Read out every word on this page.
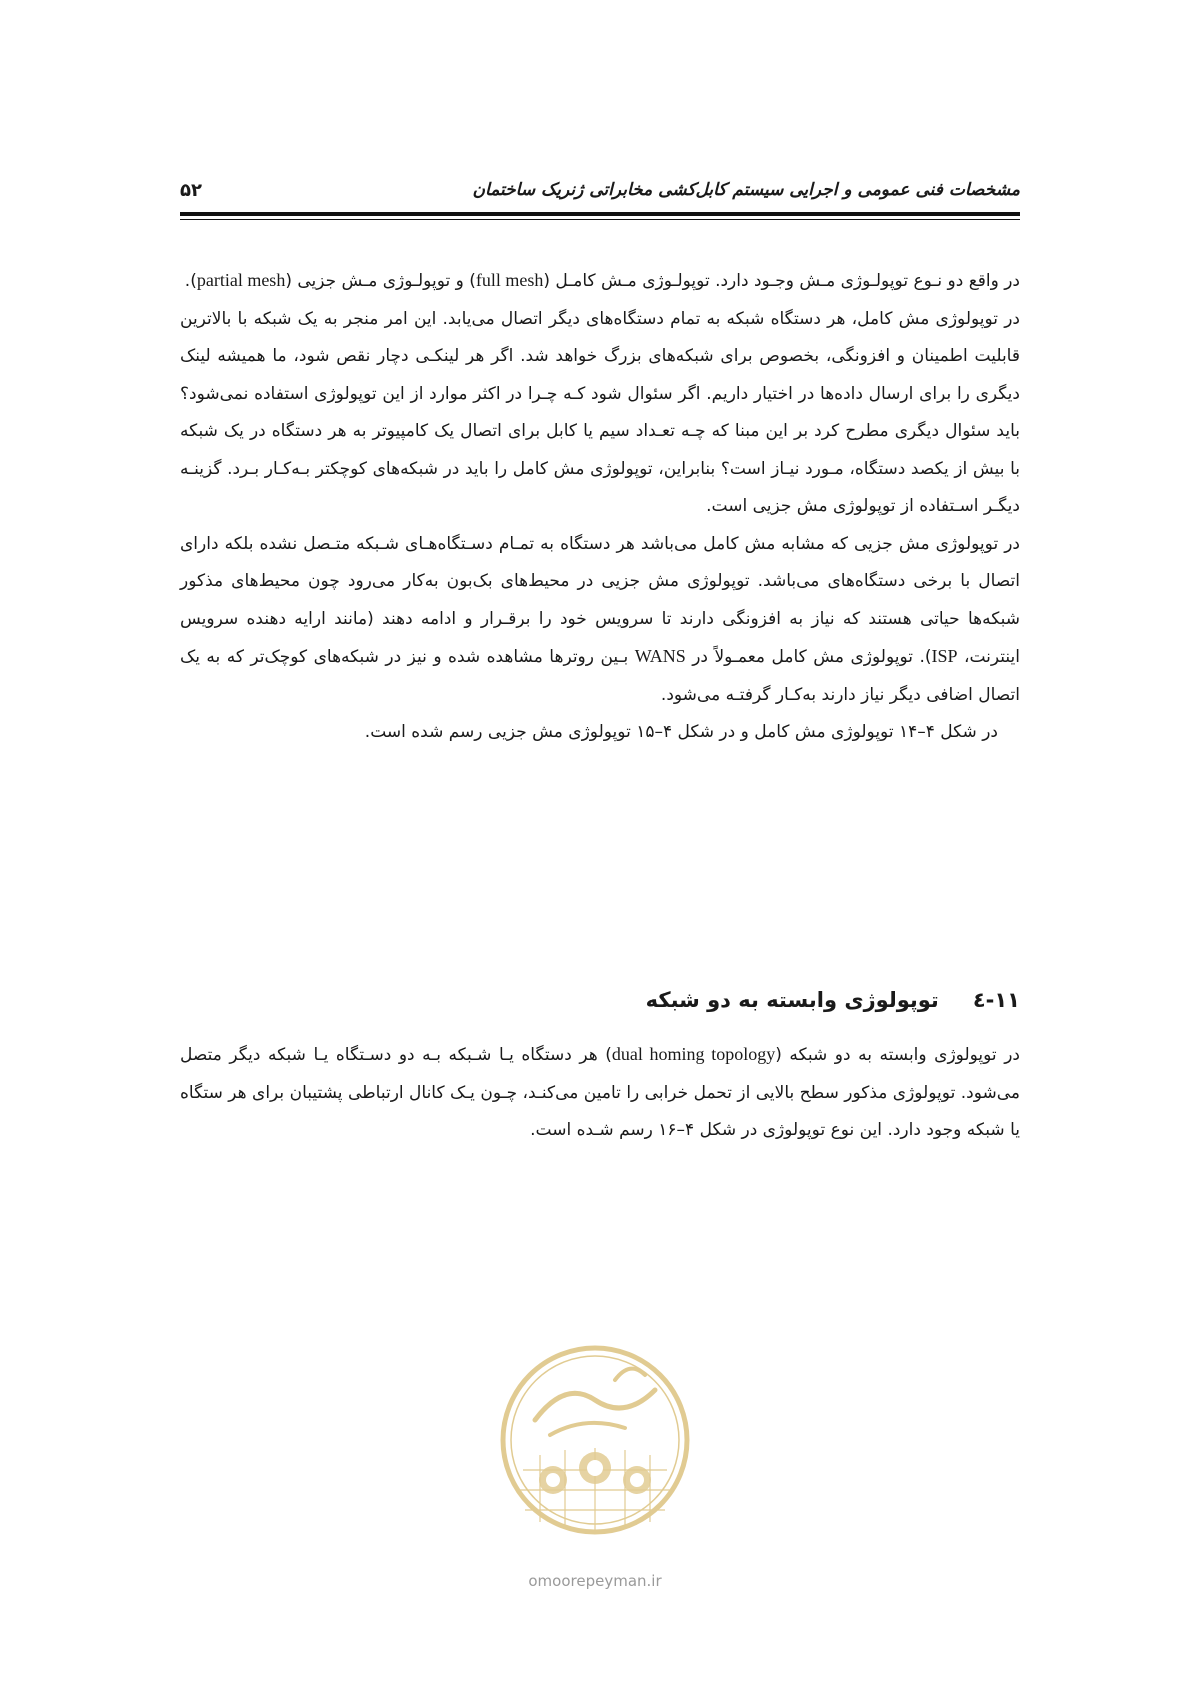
مشخصات فنی عمومی و اجرایی سیستم کابل‌کشی مخابراتی ژنریک ساختمان
۵۲

در واقع دو نـوع توپولـوژی مـش وجـود دارد. توپولـوژی مـش کامـل (full mesh) و توپولـوژی مـش جزیی (partial mesh).

در توپولوژی مش کامل، هر دستگاه شبکه به تمام دستگاه‌های دیگر اتصال می‌یابد. این امر منجر به یک شبکه با بالاترین قابلیت اطمینان و افزونگی، بخصوص برای شبکه‌های بزرگ خواهد شد. اگر هر لینکـی دچار نقص شود، ما همیشه لینک دیگری را برای ارسال داده‌ها در اختیار داریم. اگر سئوال شود کـه چـرا در اکثر موارد از این توپولوژی استفاده نمی‌شود؟ باید سئوال دیگری مطرح کرد بر این مبنا که چـه تعـداد سیم یا کابل برای اتصال یک کامپیوتر به هر دستگاه در یک شبکه با بیش از یکصد دستگاه، مـورد نیـاز است؟ بنابراین، توپولوژی مش کامل را باید در شبکه‌های کوچکتر بـه‌کـار بـرد. گزینـه دیگـر اسـتفاده از توپولوژی مش جزیی است.

در توپولوژی مش جزیی که مشابه مش کامل می‌باشد هر دستگاه به تمـام دسـتگاه‌هـای شـبکه متـصل نشده بلکه دارای اتصال با برخی دستگاه‌های می‌باشد. توپولوژی مش جزیی در محیط‌های بک‌بون به‌کار می‌رود چون محیط‌های مذکور شبکه‌ها حیاتی هستند که نیاز به افزونگی دارند تا سرویس خود را برقـرار و ادامه دهند (مانند ارایه دهنده سرویس اینترنت، ISP). توپولوژی مش کامل معمـولاً در WANS بـین روترها مشاهده شده و نیز در شبکه‌های کوچک‌تر که به یک اتصال اضافی دیگر نیاز دارند به‌کـار گرفتـه می‌شود.

در شکل ۴–۱۴ توپولوژی مش کامل و در شکل ۴–۱۵ توپولوژی مش جزیی رسم شده است.

۱۱-٤توپولوژی وابسته به دو شبکه

در توپولوژی وابسته به دو شبکه (dual homing topology) هر دستگاه یـا شـبکه بـه دو دسـتگاه یـا شبکه دیگر متصل می‌شود. توپولوژی مذکور سطح بالایی از تحمل خرابی را تامین می‌کنـد، چـون یـک کانال ارتباطی پشتیبان برای هر ستگاه یا شبکه وجود دارد. این نوع توپولوژی در شکل ۴–۱۶ رسم شـده است.

omoorepeyman.ir
